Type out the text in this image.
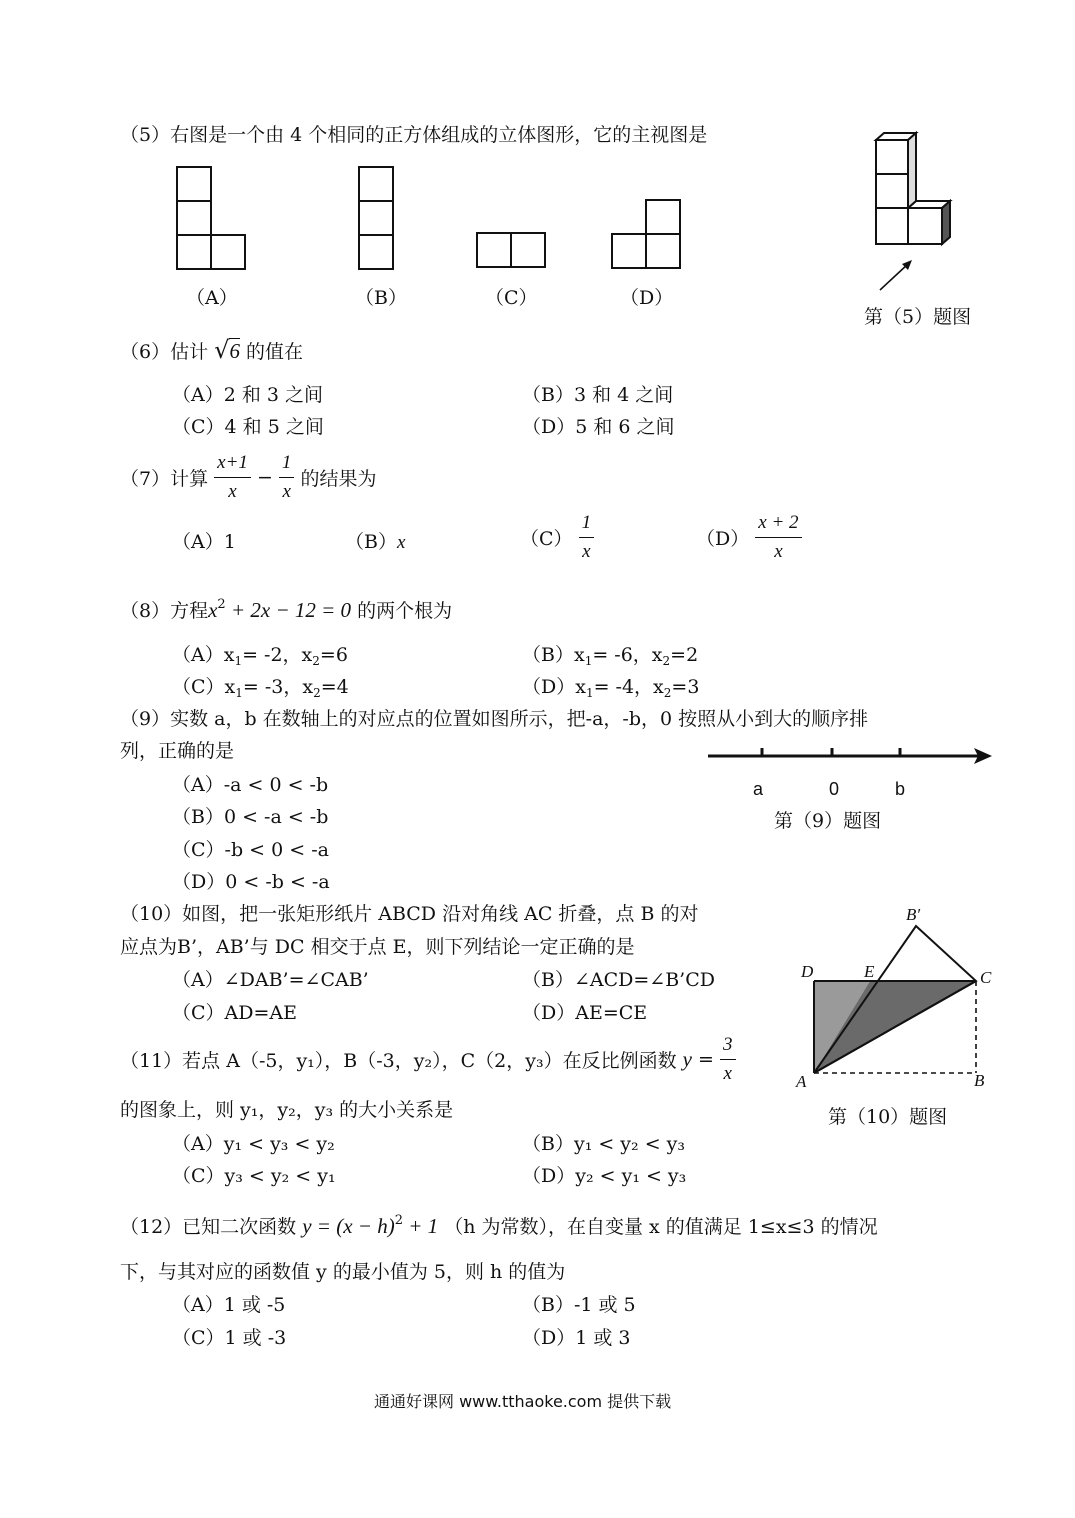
（5）右图是一个由 4 个相同的正方体组成的立体图形，它的主视图是
（A）	（B）	（C）	（D）
第（5）题图
（6）估计 √6 的值在
（A）2 和 3 之间	（B）3 和 4 之间
（C）4 和 5 之间	（D）5 和 6 之间
（7）计算 $\frac{x+1}{x} - \frac{1}{x}$ 的结果为
（A）1	（B）x	$(C) \frac{1}{x}$	$(D) \frac{x + 2}{x}$
（8）方程$x^2 + 2x - 12 = 0$ 的两个根为
$(A)x_1= -2$，$x_2=6$	$(B)x_1= -6$，$x_2=2$
$(C)x_1= -3$，$x_2=4$	$(D)x_1= -4$，$x_2=3$
（9）实数 a，b 在数轴上的对应点的位置如图所示，把-a，-b，0 按照从小到大的顺序排
列，正确的是
（A）-a < 0 < -b
（B）0 < -a < -b
（C）-b < 0 < -a
（D）0 < -b < -a
a	0	b
第（9）题图
（10）如图，把一张矩形纸片 ABCD 沿对角线 AC 折叠，点 B 的对
应点为B’，AB’与 DC 相交于点 E，则下列结论一定正确的是
（A）∠DAB’=∠CAB’	（B）∠ACD=∠B’CD
（C）AD=AE	（D）AE=CE
B′
D	E	C
A	B
第（10）题图
（11）若点 A（-5，y₁），B（-3，y₂），C（2，y₃）在反比例函数 $y = \frac{3}{x}$
的图象上，则 y₁，y₂，y₃ 的大小关系是
（A）y₁ < y₃ < y₂	（B）y₁ < y₂ < y₃
（C）y₃ < y₂ < y₁	（D）y₂ < y₁ < y₃
（12）已知二次函数 $y = (x - h)^2 + 1$ （h 为常数），在自变量 x 的值满足 1≤x≤3 的情况
下，与其对应的函数值 y 的最小值为 5，则 h 的值为
（A）1 或 -5	（B）-1 或 5
（C）1 或 -3	（D）1 或 3
通通好课网 www.tthaoke.com 提供下载
